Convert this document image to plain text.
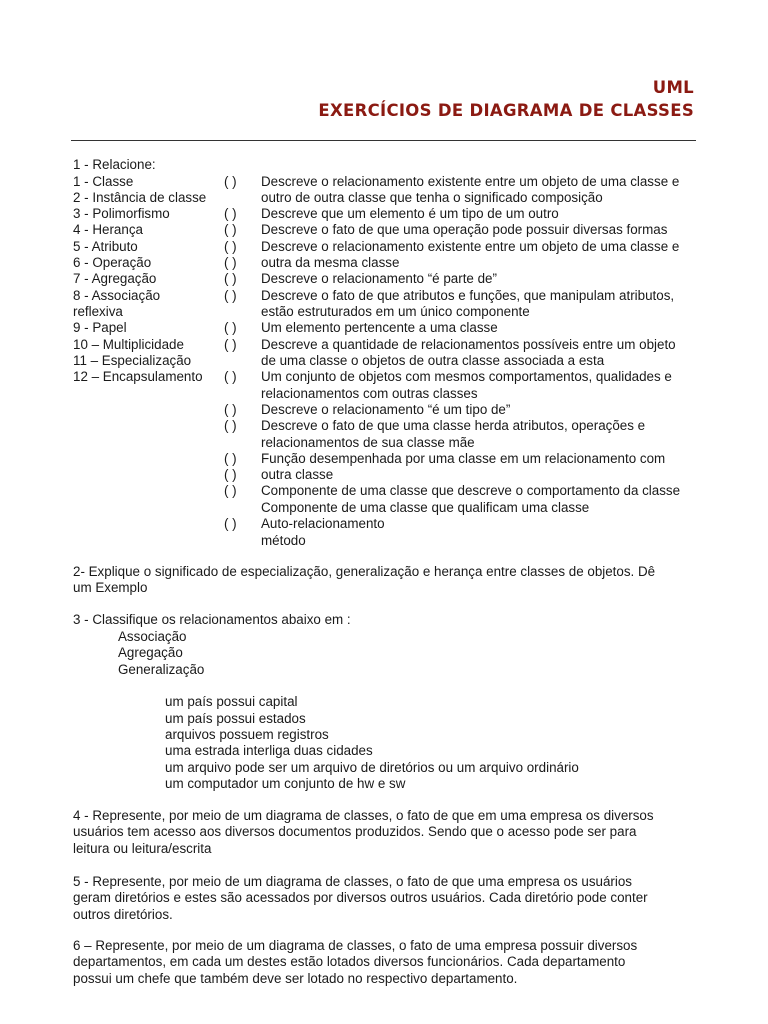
UML
EXERCÍCIOS DE DIAGRAMA DE CLASSES
1 - Relacione:
1 - Classe
2 - Instância de classe
3 - Polimorfismo
4 - Herança
5 - Atributo
6 - Operação
7 - Agregação
8 - Associação
reflexiva
9 - Papel
10 – Multiplicidade
11 – Especialização
12 – Encapsulamento
( )
( )
( )
( )
( )
( )
( )
( )
( )
( )
( )
( )
( )
( )
( )
( )
Descreve o relacionamento existente entre um objeto de uma classe e
outro de outra classe que tenha o significado composição
Descreve que um elemento é um tipo de um outro
Descreve o fato de que uma operação pode possuir diversas formas
Descreve o relacionamento existente entre um objeto de uma classe e
outra da mesma classe
Descreve o relacionamento “é parte de”
Descreve o fato de que atributos e funções, que manipulam atributos,
estão estruturados em um único componente
Um elemento pertencente a uma classe
Descreve a quantidade de relacionamentos possíveis entre um objeto
de uma classe o objetos de outra classe associada a esta
Um conjunto de objetos com mesmos comportamentos, qualidades e
relacionamentos com outras classes
Descreve o relacionamento “é um tipo de”
Descreve o fato de que uma classe herda atributos, operações e
relacionamentos de sua classe mãe
Função desempenhada por uma classe em um relacionamento com
outra classe
Componente de uma classe que descreve o comportamento da classe
Componente de uma classe que qualificam uma classe
Auto-relacionamento
método
2- Explique o significado de especialização, generalização e herança entre classes de objetos. Dê
um Exemplo
3 - Classifique os relacionamentos abaixo em :
Associação
Agregação
Generalização
um país possui capital
um país possui estados
arquivos possuem registros
uma estrada interliga duas cidades
um arquivo pode ser um arquivo de diretórios ou um arquivo ordinário
um computador um conjunto de hw e sw
4 - Represente, por meio de um diagrama de classes, o fato de que em uma empresa os diversos
usuários tem acesso aos diversos documentos produzidos. Sendo que o acesso pode ser para
leitura ou leitura/escrita
5 - Represente, por meio de um diagrama de classes, o fato de que uma empresa os usuários
geram diretórios e estes são acessados por diversos outros usuários. Cada diretório pode conter
outros diretórios.
6 – Represente, por meio de um diagrama de classes, o fato de uma empresa possuir diversos
departamentos, em cada um destes estão lotados diversos funcionários. Cada departamento
possui um chefe que também deve ser lotado no respectivo departamento.
